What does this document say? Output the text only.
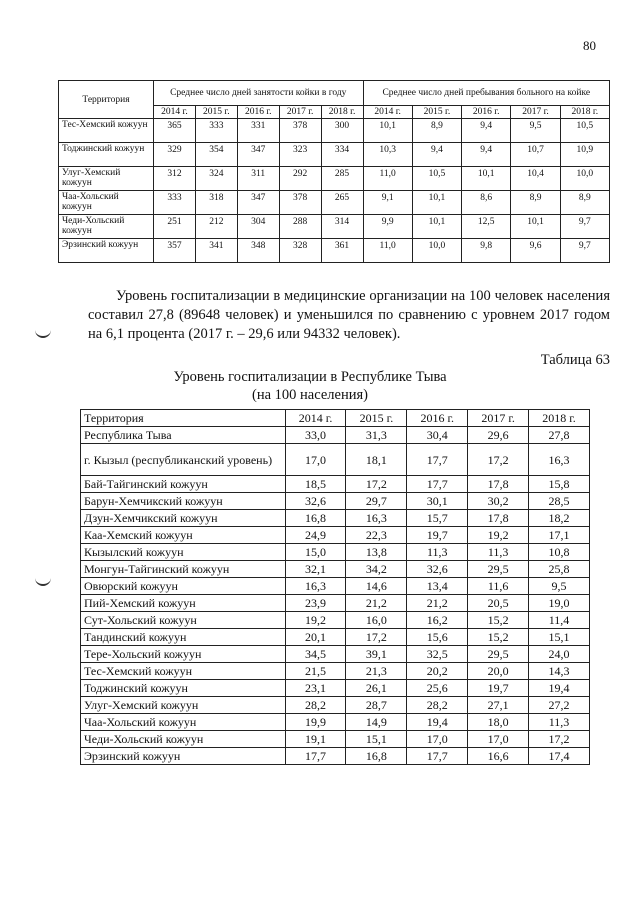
80
Территория	Среднее число дней занятости койки в году					Среднее число дней пребывания больного на койке				
	2014 г.	2015 г.	2016 г.	2017 г.	2018 г.	2014 г.	2015 г.	2016 г.	2017 г.	2018 г.
Тес-Хемский кожуун	365	333	331	378	300	10,1	8,9	9,4	9,5	10,5
Тоджинский кожуун	329	354	347	323	334	10,3	9,4	9,4	10,7	10,9
Улуг-Хемский кожуун	312	324	311	292	285	11,0	10,5	10,1	10,4	10,0
Чаа-Хольский кожуун	333	318	347	378	265	9,1	10,1	8,6	8,9	8,9
Чеди-Хольский кожуун	251	212	304	288	314	9,9	10,1	12,5	10,1	9,7
Эрзинский кожуун	357	341	348	328	361	11,0	10,0	9,8	9,6	9,7

Уровень госпитализации в медицинские организации на 100 человек населения составил 27,8 (89648 человек) и уменьшился по сравнению с уровнем 2017 годом на 6,1 процента (2017 г. – 29,6 или 94332 человек).

Таблица 63
Уровень госпитализации в Республике Тыва
(на 100 населения)
Территория	2014 г.	2015 г.	2016 г.	2017 г.	2018 г.
Республика Тыва	33,0	31,3	30,4	29,6	27,8
г. Кызыл (республиканский уровень)	17,0	18,1	17,7	17,2	16,3
Бай-Тайгинский кожуун	18,5	17,2	17,7	17,8	15,8
Барун-Хемчикский кожуун	32,6	29,7	30,1	30,2	28,5
Дзун-Хемчикский кожуун	16,8	16,3	15,7	17,8	18,2
Каа-Хемский кожуун	24,9	22,3	19,7	19,2	17,1
Кызылский кожуун	15,0	13,8	11,3	11,3	10,8
Монгун-Тайгинский кожуун	32,1	34,2	32,6	29,5	25,8
Овюрский кожуун	16,3	14,6	13,4	11,6	9,5
Пий-Хемский кожуун	23,9	21,2	21,2	20,5	19,0
Сут-Хольский кожуун	19,2	16,0	16,2	15,2	11,4
Тандинский кожуун	20,1	17,2	15,6	15,2	15,1
Тере-Хольский кожуун	34,5	39,1	32,5	29,5	24,0
Тес-Хемский кожуун	21,5	21,3	20,2	20,0	14,3
Тоджинский кожуун	23,1	26,1	25,6	19,7	19,4
Улуг-Хемский кожуун	28,2	28,7	28,2	27,1	27,2
Чаа-Хольский кожуун	19,9	14,9	19,4	18,0	11,3
Чеди-Хольский кожуун	19,1	15,1	17,0	17,0	17,2
Эрзинский кожуун	17,7	16,8	17,7	16,6	17,4
